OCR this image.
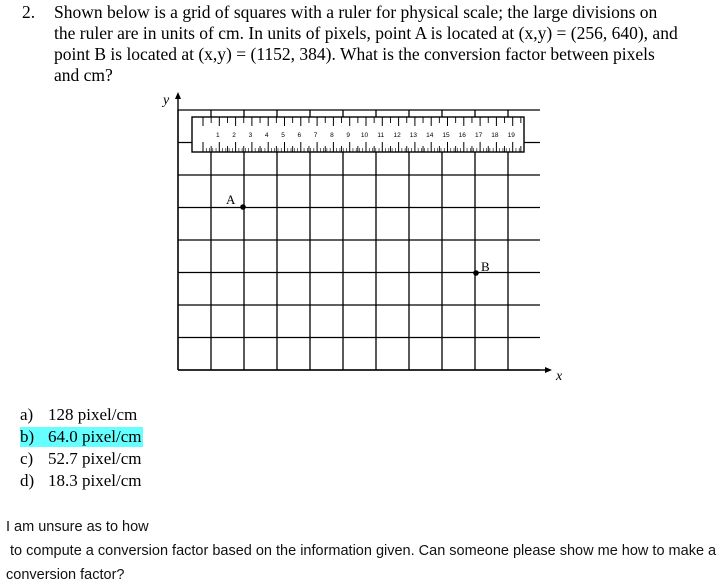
2. Shown below is a grid of squares with a ruler for physical scale; the large divisions on
the ruler are in units of cm. In units of pixels, point A is located at (x,y) = (256, 640), and
point B is located at (x,y) = (1152, 384). What is the conversion factor between pixels
and cm?
1 2 3 4 5 6 7 8 9 10 11 12 13 14 15 16 17 18 19
y
x
A
B
a) 128 pixel/cm
b) 64.0 pixel/cm
c) 52.7 pixel/cm
d) 18.3 pixel/cm
I am unsure as to how
to compute a conversion factor based on the information given. Can someone please show me how to make a
conversion factor?
